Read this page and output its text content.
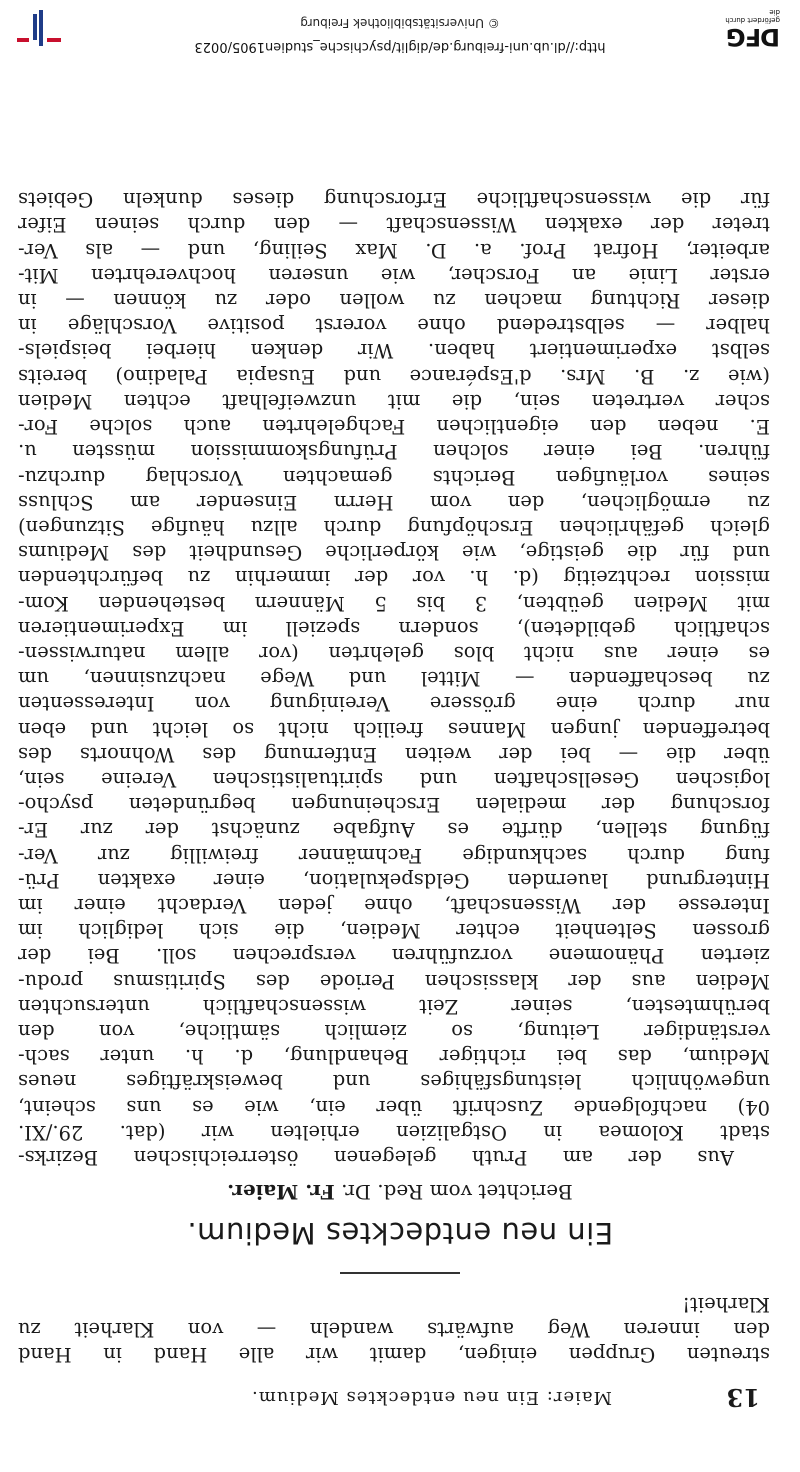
13
Maier: Ein neu entdecktes Medium.
streuten Gruppen einigen, damit wir alle Hand in Hand
den inneren Weg aufwärts wandeln — von Klarheit zu
Klarheit!
Ein neu entdecktes Medium.
Berichtet vom Red. Dr. Fr. Maier.
Aus der am Pruth gelegenen österreichischen Bezirks-
stadt Kolomea in Ostgalizien erhielten wir (dat. 29./XI.
04) nachfolgende Zuschrift über ein, wie es uns scheint,
ungewöhnlich leistungsfähiges und beweiskräftiges neues
Medium, das bei richtiger Behandlung, d. h. unter sach-
verständiger Leitung, so ziemlich sämtliche, von den
berühmtesten, seiner Zeit wissenschaftlich untersuchten
Medien aus der klassischen Periode des Spiritismus produ-
zierten Phänomene vorzuführen versprechen soll. Bei der
grossen Seltenheit echter Medien, die sich lediglich im
Interesse der Wissenschaft, ohne jeden Verdacht einer im
Hintergrund lauernden Geldspekulation, einer exakten Prü-
fung durch sachkundige Fachmänner freiwillig zur Ver-
fügung stellen, dürfte es Aufgabe zunächst der zur Er-
forschung der medialen Erscheinungen begründeten psycho-
logischen Gesellschaften und spiritualistischen Vereine sein,
über die — bei der weiten Entfernung des Wohnorts des
betreffenden jungen Mannes freilich nicht so leicht und eben
nur durch eine grössere Vereinigung von Interessenten
zu beschaffenden — Mittel und Wege nachzusinnen, um
es einer aus nicht blos gelehrten (vor allem naturwissen-
schaftlich gebildeten), sondern speziell im Experimentieren
mit Medien geübten, 3 bis 5 Männern bestehenden Kom-
mission rechtzeitig (d. h. vor der immerhin zu befürchtenden
und für die geistige, wie körperliche Gesundheit des Mediums
gleich gefährlichen Erschöpfung durch allzu häufige Sitzungen)
zu ermöglichen, den vom Herrn Einsender am Schluss
seines vorläufigen Berichts gemachten Vorschlag durchzu-
führen. Bei einer solchen Prüfungskommission müssten u.
E. neben den eigentlichen Fachgelehrten auch solche For-
scher vertreten sein, die mit unzweifelhaft echten Medien
(wie z. B. Mrs. d'Espérance und Eusapia Paladino) bereits
selbst experimentiert haben. Wir denken hierbei beispiels-
halber — selbstredend ohne vorerst positive Vorschläge in
dieser Richtung machen zu wollen oder zu können — in
erster Linie an Forscher, wie unseren hochverehrten Mit-
arbeiter, Hofrat Prof. a. D. Max Seiling, und — als Ver-
treter der exakten Wissenschaft — den durch seinen Eifer
für die wissenschaftliche Erforschung dieses dunkeln Gebiets
DFG
gefördert durch die
http://dl.ub.uni-freiburg.de/diglit/psychische_studien1905/0023
© Universitätsbibliothek Freiburg
